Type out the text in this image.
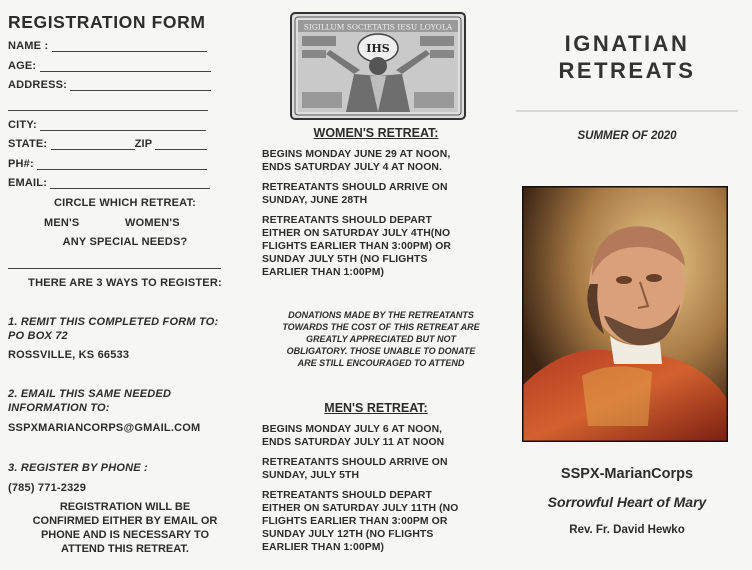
REGISTRATION FORM
NAME :
AGE:
ADDRESS:
CITY:
STATE:	ZIP
PH#:
EMAIL:
CIRCLE WHICH RETREAT:
MEN'S	WOMEN'S
ANY SPECIAL NEEDS?
THERE ARE 3 WAYS TO REGISTER:
1. REMIT THIS COMPLETED FORM TO:
PO BOX 72
ROSSVILLE, KS 66533
2. EMAIL THIS SAME NEEDED
INFORMATION TO:
SSPXMARIANCORPS@GMAIL.COM
3. REGISTER BY PHONE :
(785) 771-2329
REGISTRATION WILL BE
CONFIRMED EITHER BY EMAIL OR
PHONE AND IS NECESSARY TO
ATTEND THIS RETREAT.
SIGILLUM SOCIETATIS IESU LOYOLA
IHS
WOMEN'S RETREAT:
BEGINS MONDAY JUNE 29 AT NOON,
ENDS SATURDAY JULY 4 AT NOON.
RETREATANTS SHOULD ARRIVE ON
SUNDAY, JUNE 28TH
RETREATANTS SHOULD DEPART
EITHER ON SATURDAY JULY 4TH(NO
FLIGHTS EARLIER THAN 3:00PM) OR
SUNDAY JULY 5TH (NO FLIGHTS
EARLIER THAN 1:00PM)
DONATIONS MADE BY THE RETREATANTS
TOWARDS THE COST OF THIS RETREAT ARE
GREATLY APPRECIATED BUT NOT
OBLIGATORY. THOSE UNABLE TO DONATE
ARE STILL ENCOURAGED TO ATTEND
MEN'S RETREAT:
BEGINS MONDAY JULY 6 AT NOON,
ENDS SATURDAY JULY 11 AT NOON
RETREATANTS SHOULD ARRIVE ON
SUNDAY, JULY 5TH
RETREATANTS SHOULD DEPART
EITHER ON SATURDAY JULY 11TH (NO
FLIGHTS EARLIER THAN 3:00PM OR
SUNDAY JULY 12TH (NO FLIGHTS
EARLIER THAN 1:00PM)
IGNATIAN
RETREATS
SUMMER OF 2020
SSPX-MarianCorps
Sorrowful Heart of Mary
Rev. Fr. David Hewko
